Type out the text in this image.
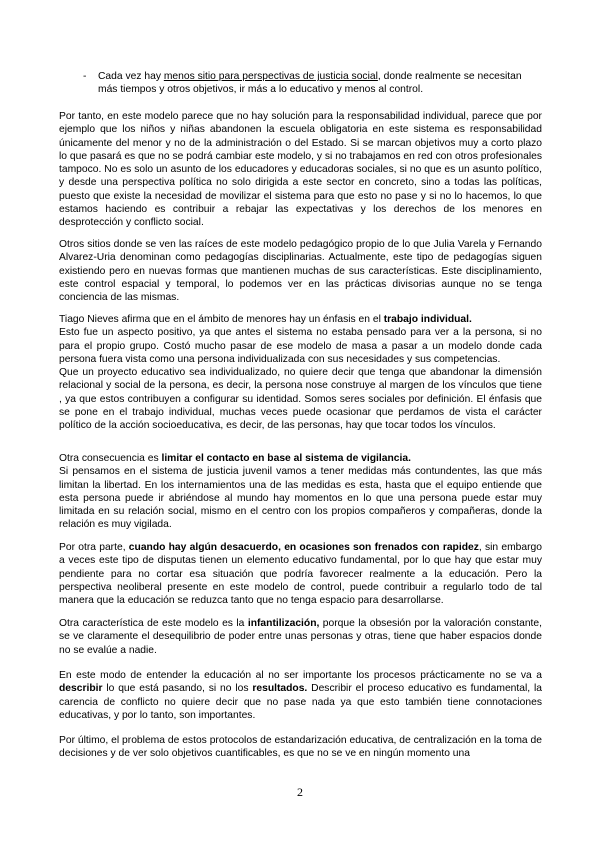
- Cada vez hay menos sitio para perspectivas de justicia social, donde realmente se necesitan más tiempos y otros objetivos, ir más a lo educativo y menos al control.

Por tanto, en este modelo parece que no hay solución para la responsabilidad individual, parece que por ejemplo que los niños y niñas abandonen la escuela obligatoria en este sistema es responsabilidad únicamente del menor y no de la administración o del Estado. Si se marcan objetivos muy a corto plazo lo que pasará es que no se podrá cambiar este modelo, y si no trabajamos en red con otros profesionales tampoco. No es solo un asunto de los educadores y educadoras sociales, si no que es un asunto político, y desde una perspectiva política no solo dirigida a este sector en concreto, sino a todas las políticas, puesto que existe la necesidad de movilizar el sistema para que esto no pase y si no lo hacemos, lo que estamos haciendo es contribuir a rebajar las expectativas y los derechos de los menores en desprotección y conflicto social.

Otros sitios donde se ven las raíces de este modelo pedagógico propio de lo que Julia Varela y Fernando Alvarez-Uria denominan como pedagogías disciplinarias. Actualmente, este tipo de pedagogías siguen existiendo pero en nuevas formas que mantienen muchas de sus características. Este disciplinamiento, este control espacial y temporal, lo podemos ver en las prácticas divisorias aunque no se tenga conciencia de las mismas.

Tiago Nieves afirma que en el ámbito de menores hay un énfasis en el trabajo individual.
Esto fue un aspecto positivo, ya que antes el sistema no estaba pensado para ver a la persona, si no para el propio grupo. Costó mucho pasar de ese modelo de masa a pasar a un modelo donde cada persona fuera vista como una persona individualizada con sus necesidades y sus competencias.
Que un proyecto educativo sea individualizado, no quiere decir que tenga que abandonar la dimensión relacional y social de la persona, es decir, la persona nose construye al margen de los vínculos que tiene , ya que estos contribuyen a configurar su identidad. Somos seres sociales por definición. El énfasis que se pone en el trabajo individual, muchas veces puede ocasionar que perdamos de vista el carácter político de la acción socioeducativa, es decir, de las personas, hay que tocar todos los vínculos.
Otra consecuencia es limitar el contacto en base al sistema de vigilancia.
Si pensamos en el sistema de justicia juvenil vamos a tener medidas más contundentes, las que más limitan la libertad. En los internamientos una de las medidas es esta, hasta que el equipo entiende que esta persona puede ir abriéndose al mundo hay momentos en lo que una persona puede estar muy limitada en su relación social, mismo en el centro con los propios compañeros y compañeras, donde la relación es muy vigilada.

Por otra parte, cuando hay algún desacuerdo, en ocasiones son frenados con rapidez, sin embargo a veces este tipo de disputas tienen un elemento educativo fundamental, por lo que hay que estar muy pendiente para no cortar esa situación que podría favorecer realmente a la educación. Pero la perspectiva neoliberal presente en este modelo de control, puede contribuir a regularlo todo de tal manera que la educación se reduzca tanto que no tenga espacio para desarrollarse.

Otra característica de este modelo es la infantilización, porque la obsesión por la valoración constante, se ve claramente el desequilibrio de poder entre unas personas y otras, tiene que haber espacios donde no se evalúe a nadie.

En este modo de entender la educación al no ser importante los procesos prácticamente no se va a describir lo que está pasando, si no los resultados. Describir el proceso educativo es fundamental, la carencia de conflicto no quiere decir que no pase nada ya que esto también tiene connotaciones educativas, y por lo tanto, son importantes.

Por último, el problema de estos protocolos de estandarización educativa, de centralización en la toma de decisiones y de ver solo objetivos cuantificables, es que no se ve en ningún momento una

2
